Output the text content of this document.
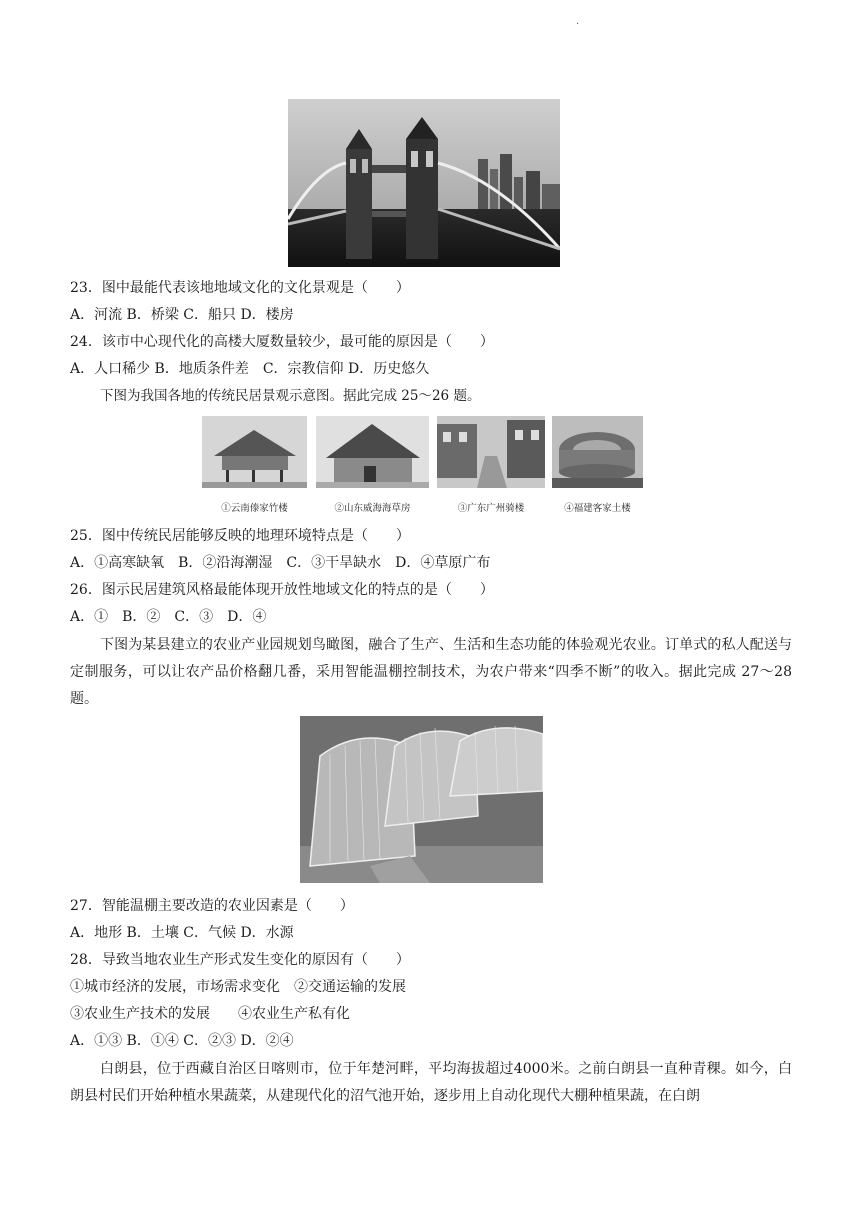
.
23．图中最能代表该地地域文化的文化景观是（　　）
A．河流 B．桥梁 C．船只 D．楼房
24．该市中心现代化的高楼大厦数量较少，最可能的原因是（　　）
A．人口稀少 B．地质条件差　C．宗教信仰 D．历史悠久
下图为我国各地的传统民居景观示意图。据此完成 25～26 题。
①云南傣家竹楼	②山东威海海草房	③广东广州骑楼	④福建客家土楼
25．图中传统民居能够反映的地理环境特点是（　　）
A．①高寒缺氧　B．②沿海潮湿　C．③干旱缺水　D．④草原广布
26．图示民居建筑风格最能体现开放性地域文化的特点的是（　　）
A．①　B．②　C．③　D．④
下图为某县建立的农业产业园规划鸟瞰图，融合了生产、生活和生态功能的体验观光农业。订单式的私人配送与定制服务，可以让农产品价格翻几番，采用智能温棚控制技术，为农户带来“四季不断”的收入。据此完成 27～28 题。
27．智能温棚主要改造的农业因素是（　　）
A．地形 B．土壤 C．气候 D．水源
28．导致当地农业生产形式发生变化的原因有（　　）
①城市经济的发展，市场需求变化　②交通运输的发展
③农业生产技术的发展　　④农业生产私有化
A．①③ B．①④ C．②③ D．②④
白朗县，位于西藏自治区日喀则市，位于年楚河畔，平均海拔超过4000米。之前白朗县一直种青稞。如今，白朗县村民们开始种植水果蔬菜，从建现代化的沼气池开始，逐步用上自动化现代大棚种植果蔬，在白朗
